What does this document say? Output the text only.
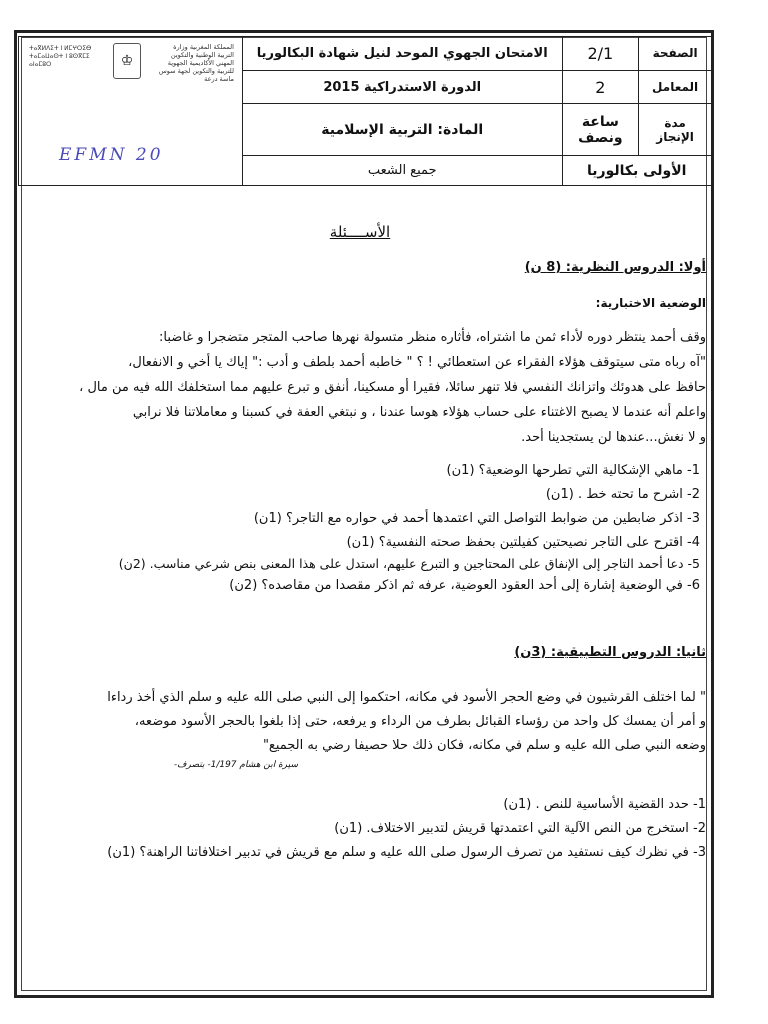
الصفحة	2/1	الامتحان الجهوي الموحد لنيل شهادة البكالوريا	المملكة المغربية وزارة التربية الوطنية والتكوين المهني الأكاديمية الجهوية للتربية والتكوين لجهة سوس ماسة درعة
♔
ⵜⴰⴳⵍⴷⵉⵜ ⵏ ⵍⵎⵖⵔⵉⴱ ⵜⴰⵎⴰⵡⴰⵙⵜ ⵏ ⵓⵙⴳⵎⵉ ⴰⵏⴰⵎⵓⵔ
EFMN 20

المعامل	2	الدورة الاستدراكية 2015	
مدة الإنجاز	ساعة ونصف	المادة: التربية الإسلامية	
الأولى بكالوريا		جميع الشعب	
الأســــئلة
أولا: الدروس النظرية: (8 ن)
الوضعية الاختبارية:
وقف أحمد ينتظر دوره لأداء ثمن ما اشتراه، فأثاره منظر متسولة نهرها صاحب المتجر متضجرا و غاضبا:
"آه رباه متى سيتوقف هؤلاء الفقراء عن استعطائي ! ؟ " خاطبه أحمد بلطف و أدب :" إياك يا أخي و الانفعال،
حافظ على هدوئك واتزانك النفسي فلا تنهر سائلا، فقيرا أو مسكينا، أنفق و تبرع عليهم مما استخلفك الله فيه من مال ،
واعلم أنه عندما لا يصبح الاغتناء على حساب هؤلاء هوسا عندنا ، و نبتغي العفة في كسبنا و معاملاتنا فلا نرابي
و لا نغش...عندها لن يستجدينا أحد.
1- ماهي الإشكالية التي تطرحها الوضعية؟ (1ن)
2- اشرح ما تحته خط . (1ن)
3- اذكر ضابطين من ضوابط التواصل التي اعتمدها أحمد في حواره مع التاجر؟ (1ن)
4- اقترح على التاجر نصيحتين كفيلتين بحفظ صحته النفسية؟ (1ن)
5- دعا أحمد التاجر إلى الإنفاق على المحتاجين و التبرع عليهم، استدل على هذا المعنى بنص شرعي مناسب. (2ن)
6- في الوضعية إشارة إلى أحد العقود العوضية، عرفه ثم اذكر مقصدا من مقاصده؟ (2ن)
ثانيا: الدروس التطبيقية: (3ن)
" لما اختلف القرشيون في وضع الحجر الأسود في مكانه، احتكموا إلى النبي صلى الله عليه و سلم الذي أخذ رداءا
و أمر أن يمسك كل واحد من رؤساء القبائل بطرف من الرداء و يرفعه، حتى إذا بلغوا بالحجر الأسود موضعه،
وضعه النبي صلى الله عليه و سلم في مكانه، فكان ذلك حلا حصيفا رضي به الجميع"
سيرة ابن هشام 1/197- بتصرف-
1- حدد القضية الأساسية للنص . (1ن)
2- استخرج من النص الآلية التي اعتمدتها قريش لتدبير الاختلاف. (1ن)
3- في نظرك كيف نستفيد من تصرف الرسول صلى الله عليه و سلم مع قريش في تدبير اختلافاتنا الراهنة؟ (1ن)
